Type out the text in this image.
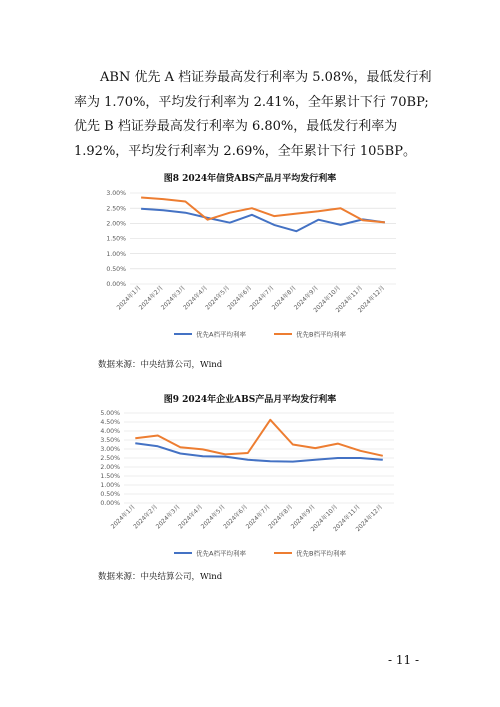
ABN 优先 A 档证券最高发行利率为 5.08%，最低发行利
率为 1.70%，平均发行利率为 2.41%，全年累计下行 70BP;
优先 B 档证券最高发行利率为 6.80%，最低发行利率为
1.92%，平均发行利率为 2.69%，全年累计下行 105BP。
图8 2024年信贷ABS产品月平均发行利率
0.00%
0.50%
1.00%
1.50%
2.00%
2.50%
3.00%
2024年1月
2024年2月
2024年3月
2024年4月
2024年5月
2024年6月
2024年7月
2024年8月
2024年9月
2024年10月
2024年11月
2024年12月
优先A档平均利率	优先B档平均利率
数据来源：中央结算公司，Wind
图9 2024年企业ABS产品月平均发行利率
0.00%
0.50%
1.00%
1.50%
2.00%
2.50%
3.00%
3.50%
4.00%
4.50%
5.00%
2024年1月
2024年2月
2024年3月
2024年4月
2024年5月
2024年6月
2024年7月
2024年8月
2024年9月
2024年10月
2024年11月
2024年12月
优先A档平均利率	优先B档平均利率
数据来源：中央结算公司，Wind
- 11 -
